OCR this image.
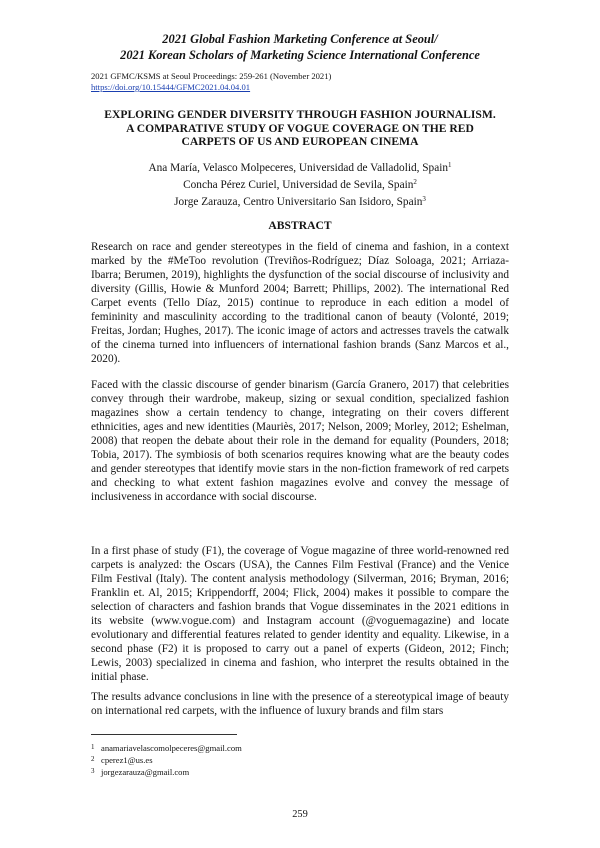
2021 Global Fashion Marketing Conference at Seoul/
2021 Korean Scholars of Marketing Science International Conference
2021 GFMC/KSMS at Seoul Proceedings: 259-261 (November 2021)
https://doi.org/10.15444/GFMC2021.04.04.01
EXPLORING GENDER DIVERSITY THROUGH FASHION JOURNALISM.
A COMPARATIVE STUDY OF VOGUE COVERAGE ON THE RED
CARPETS OF US AND EUROPEAN CINEMA
Ana María, Velasco Molpeceres, Universidad de Valladolid, Spain$^1$
Concha Pérez Curiel, Universidad de Sevila, Spain$^2$
Jorge Zarauza, Centro Universitario San Isidoro, Spain$^3$
ABSTRACT
Research on race and gender stereotypes in the field of cinema and fashion, in a context marked by the #MeToo revolution (Treviños-Rodríguez; Díaz Soloaga, 2021; Arriaza-Ibarra; Berumen, 2019), highlights the dysfunction of the social discourse of inclusivity and diversity (Gillis, Howie & Munford 2004; Barrett; Phillips, 2002). The international Red Carpet events (Tello Díaz, 2015) continue to reproduce in each edition a model of femininity and masculinity according to the traditional canon of beauty (Volonté, 2019; Freitas, Jordan; Hughes, 2017). The iconic image of actors and actresses travels the catwalk of the cinema turned into influencers of international fashion brands (Sanz Marcos et al., 2020).
Faced with the classic discourse of gender binarism (García Granero, 2017) that celebrities convey through their wardrobe, makeup, sizing or sexual condition, specialized fashion magazines show a certain tendency to change, integrating on their covers different ethnicities, ages and new identities (Mauriès, 2017; Nelson, 2009; Morley, 2012; Eshelman, 2008) that reopen the debate about their role in the demand for equality (Pounders, 2018; Tobia, 2017). The symbiosis of both scenarios requires knowing what are the beauty codes and gender stereotypes that identify movie stars in the non-fiction framework of red carpets and checking to what extent fashion magazines evolve and convey the message of inclusiveness in accordance with social discourse.
In a first phase of study (F1), the coverage of Vogue magazine of three world-renowned red carpets is analyzed: the Oscars (USA), the Cannes Film Festival (France) and the Venice Film Festival (Italy). The content analysis methodology (Silverman, 2016; Bryman, 2016; Franklin et. Al, 2015; Krippendorff, 2004; Flick, 2004) makes it possible to compare the selection of characters and fashion brands that Vogue disseminates in the 2021 editions in its website (www.vogue.com) and Instagram account (@voguemagazine) and locate evolutionary and differential features related to gender identity and equality. Likewise, in a second phase (F2) it is proposed to carry out a panel of experts (Gideon, 2012; Finch; Lewis, 2003) specialized in cinema and fashion, who interpret the results obtained in the initial phase.
The results advance conclusions in line with the presence of a stereotypical image of beauty on international red carpets, with the influence of luxury brands and film stars
1 anamariavelascomolpeceres@gmail.com
2 cperez1@us.es
3 jorgezarauza@gmail.com
259
